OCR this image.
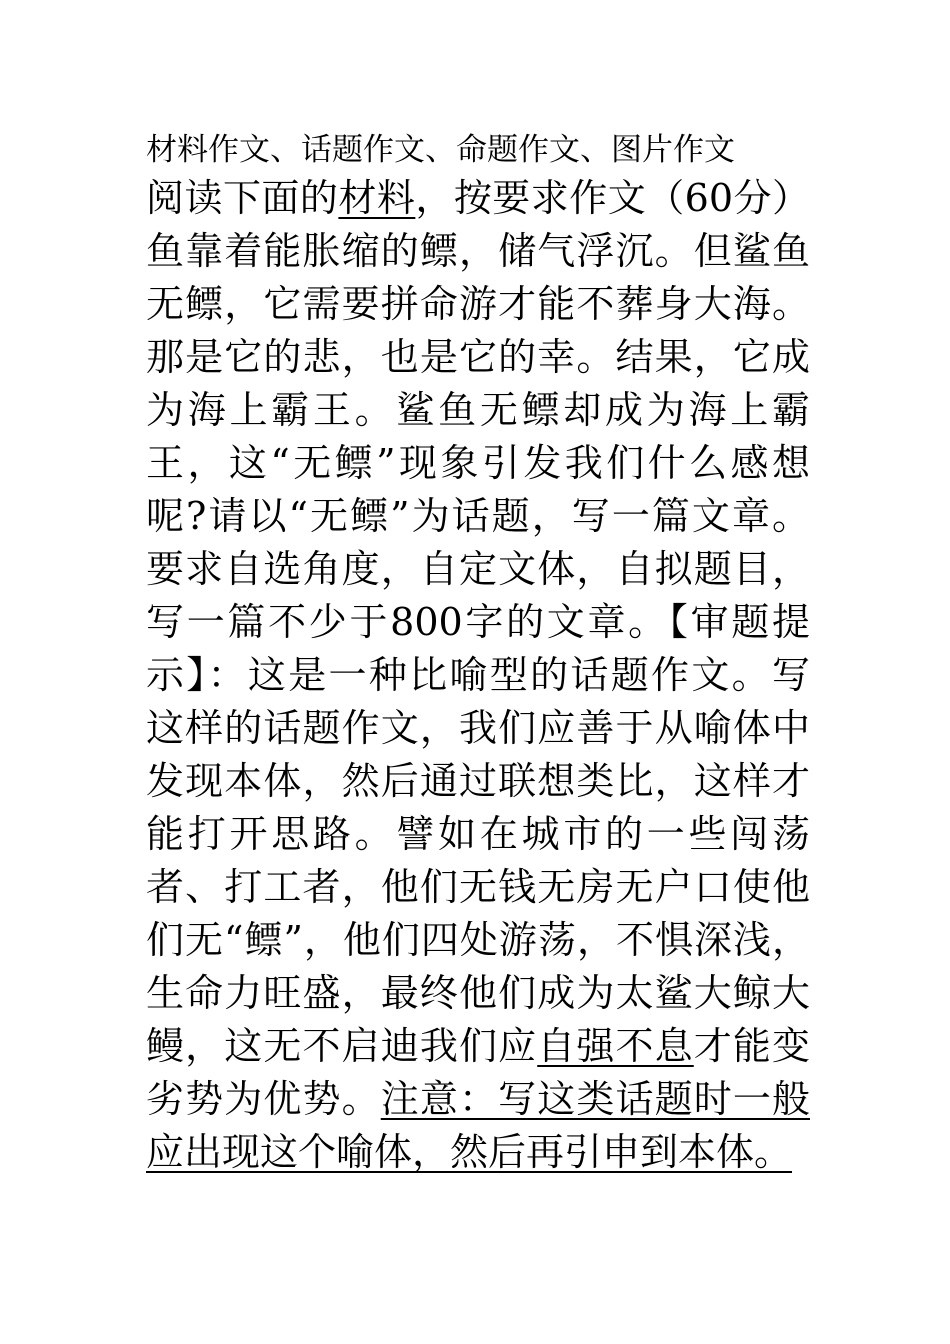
材料作文、话题作文、命题作文、图片作文

阅读下面的材料，按要求作文（60分）鱼靠着能胀缩的鳔，储气浮沉。但鲨鱼无鳔，它需要拼命游才能不葬身大海。那是它的悲，也是它的幸。结果，它成为海上霸王。鲨鱼无鳔却成为海上霸王，这“无鳔”现象引发我们什么感想呢?请以“无鳔”为话题，写一篇文章。要求自选角度，自定文体，自拟题目，写一篇不少于800字的文章。【审题提示】：这是一种比喻型的话题作文。写这样的话题作文，我们应善于从喻体中发现本体，然后通过联想类比，这样才能打开思路。譬如在城市的一些闯荡者、打工者，他们无钱无房无户口使他们无“鳔”，他们四处游荡，不惧深浅，生命力旺盛，最终他们成为太鲨大鲸大鳗，这无不启迪我们应自强不息才能变劣势为优势。注意：写这类话题时一般应出现这个喻体，然后再引申到本体。
